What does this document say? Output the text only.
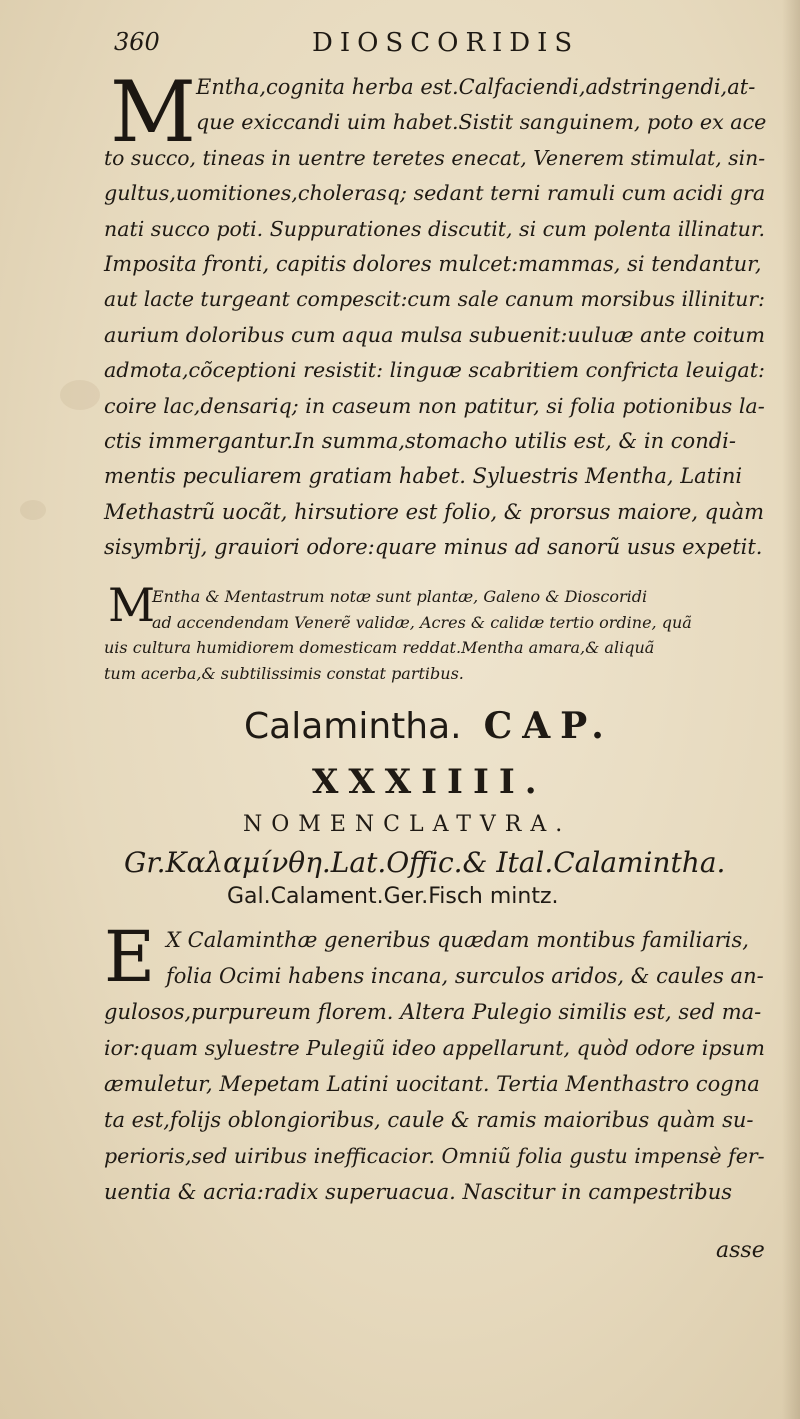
360	DIOSCORIDIS
M Entha,cognita herba est.Calfaciendi,adstringendi,at-
que exiccandi uim habet.Sistit sanguinem, poto ex ace
to succo, tineas in uentre teretes enecat, Venerem stimulat, sin-
gultus,uomitiones,cholerasq; sedant terni ramuli cum acidi gra
nati succo poti. Suppurationes discutit, si cum polenta illinatur.
Imposita fronti, capitis dolores mulcet:mammas, si tendantur,
aut lacte turgeant compescit:cum sale canum morsibus illinitur:
aurium doloribus cum aqua mulsa subuenit:uuluæ ante coitum
admota,cõceptioni resistit: linguæ scabritiem confricta leuigat:
coire lac,densariq; in caseum non patitur, si folia potionibus la-
ctis immergantur.In summa,stomacho utilis est, & in condi-
mentis peculiarem gratiam habet. Syluestris Mentha, Latini
Methastrũ uocãt, hirsutiore est folio, & prorsus maiore, quàm
sisymbrij, grauiori odore:quare minus ad sanorũ usus expetit.
M
Entha & Mentastrum notæ sunt plantæ, Galeno & Dioscoridi
ad accendendam Venerẽ validæ, Acres & calidæ tertio ordine, quã
uis cultura humidiorem domesticam reddat.Mentha amara,& aliquã
tum acerba,& subtilissimis constat partibus.
Calamintha. CAP.
XXXIIII.
NOMENCLATVRA.
Gr.Καλαμίνθη.Lat.Offic.& Ital.Calamintha.
Gal.Calament.Ger.Fisch mintz.
E X Calaminthæ generibus quædam montibus familiaris,
folia Ocimi habens incana, surculos aridos, & caules an-
gulosos,purpureum florem. Altera Pulegio similis est, sed ma-
ior:quam syluestre Pulegiũ ideo appellarunt, quòd odore ipsum
æmuletur, Mepetam Latini uocitant. Tertia Menthastro cogna
ta est,folijs oblongioribus, caule & ramis maioribus quàm su-
perioris,sed uiribus inefficacior. Omniũ folia gustu impensè fer-
uentia & acria:radix superuacua. Nascitur in campestribus
asse
